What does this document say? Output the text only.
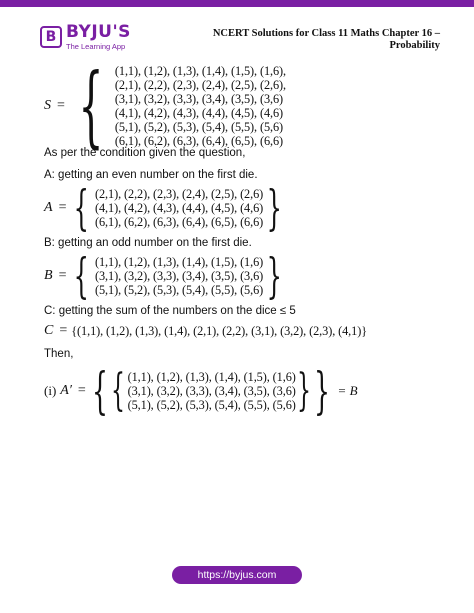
B BYJU'S
The Learning App
NCERT Solutions for Class 11 Maths Chapter 16 –
Probability
S = { (1,1), (1,2), (1,3), (1,4), (1,5), (1,6),
(2,1), (2,2), (2,3), (2,4), (2,5), (2,6),
(3,1), (3,2), (3,3), (3,4), (3,5), (3,6)
(4,1), (4,2), (4,3), (4,4), (4,5), (4,6)
(5,1), (5,2), (5,3), (5,4), (5,5), (5,6)
(6,1), (6,2), (6,3), (6,4), (6,5), (6,6)
As per the condition given the question,
A: getting an even number on the first die.
A = { (2,1), (2,2), (2,3), (2,4), (2,5), (2,6)
(4,1), (4,2), (4,3), (4,4), (4,5), (4,6)
(6,1), (6,2), (6,3), (6,4), (6,5), (6,6) }
B: getting an odd number on the first die.
B = { (1,1), (1,2), (1,3), (1,4), (1,5), (1,6)
(3,1), (3,2), (3,3), (3,4), (3,5), (3,6)
(5,1), (5,2), (5,3), (5,4), (5,5), (5,6) }
C: getting the sum of the numbers on the dice ≤ 5
C = {(1,1), (1,2), (1,3), (1,4), (2,1), (2,2), (3,1), (3,2), (2,3), (4,1)}
Then,
(i) A′ = { { (1,1), (1,2), (1,3), (1,4), (1,5), (1,6)
(3,1), (3,2), (3,3), (3,4), (3,5), (3,6)
(5,1), (5,2), (5,3), (5,4), (5,5), (5,6) } } = B
https://byjus.com
